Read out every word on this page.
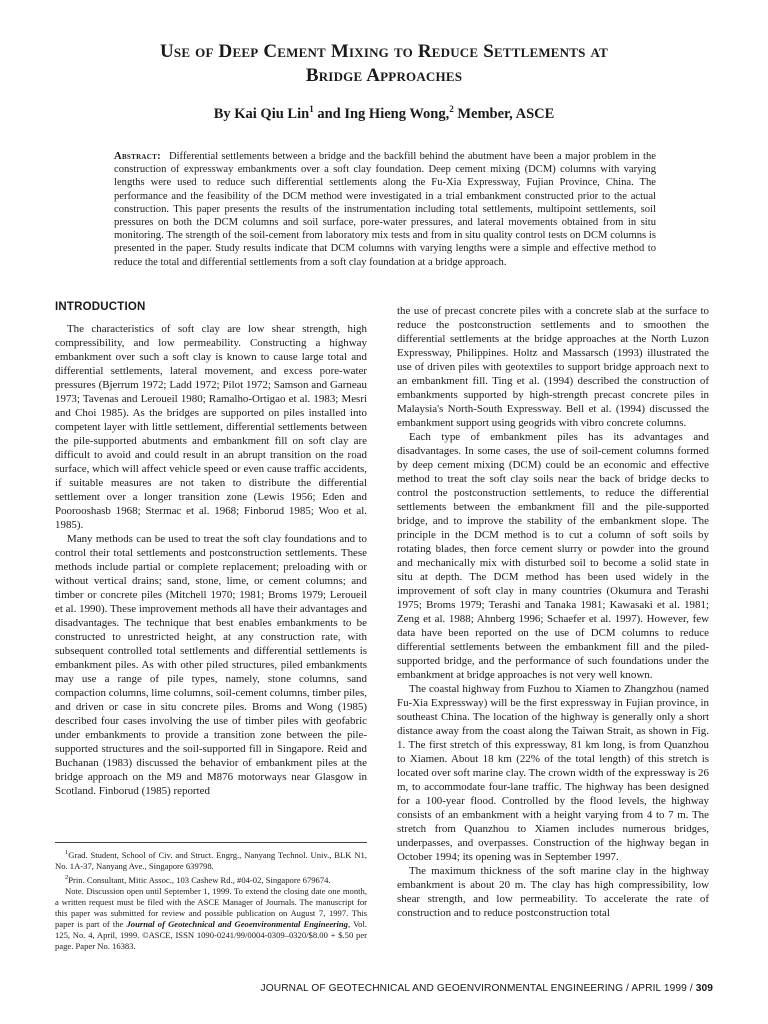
Use of Deep Cement Mixing to Reduce Settlements at
Bridge Approaches
By Kai Qiu Lin$^1$ and Ing Hieng Wong,$^2$ Member, ASCE
Abstract: Differential settlements between a bridge and the backfill behind the abutment have been a major problem in the construction of expressway embankments over a soft clay foundation. Deep cement mixing (DCM) columns with varying lengths were used to reduce such differential settlements along the Fu-Xia Expressway, Fujian Province, China. The performance and the feasibility of the DCM method were investigated in a trial embankment constructed prior to the actual construction. This paper presents the results of the instrumentation including total settlements, multipoint settlements, soil pressures on both the DCM columns and soil surface, pore-water pressures, and lateral movements obtained from in situ monitoring. The strength of the soil-cement from laboratory mix tests and from in situ quality control tests on DCM columns is presented in the paper. Study results indicate that DCM columns with varying lengths were a simple and effective method to reduce the total and differential settlements from a soft clay foundation at a bridge approach.
INTRODUCTION

The characteristics of soft clay are low shear strength, high compressibility, and low permeability. Constructing a highway embankment over such a soft clay is known to cause large total and differential settlements, lateral movement, and excess pore-water pressures (Bjerrum 1972; Ladd 1972; Pilot 1972; Samson and Garneau 1973; Tavenas and Leroueil 1980; Ramalho-Ortigao et al. 1983; Mesri and Choi 1985). As the bridges are supported on piles installed into competent layer with little settlement, differential settlements between the pile-supported abutments and embankment fill on soft clay are difficult to avoid and could result in an abrupt transition on the road surface, which will affect vehicle speed or even cause traffic accidents, if suitable measures are not taken to distribute the differential settlement over a longer transition zone (Lewis 1956; Eden and Poorooshasb 1968; Stermac et al. 1968; Finborud 1985; Woo et al. 1985).

Many methods can be used to treat the soft clay foundations and to control their total settlements and postconstruction settlements. These methods include partial or complete replacement; preloading with or without vertical drains; sand, stone, lime, or cement columns; and timber or concrete piles (Mitchell 1970; 1981; Broms 1979; Leroueil et al. 1990). These improvement methods all have their advantages and disadvantages. The technique that best enables embankments to be constructed to unrestricted height, at any construction rate, with subsequent controlled total settlements and differential settlements is embankment piles. As with other piled structures, piled embankments may use a range of pile types, namely, stone columns, sand compaction columns, lime columns, soil-cement columns, timber piles, and driven or case in situ concrete piles. Broms and Wong (1985) described four cases involving the use of timber piles with geofabric under embankments to provide a transition zone between the pile-supported structures and the soil-supported fill in Singapore. Reid and Buchanan (1983) discussed the behavior of embankment piles at the bridge approach on the M9 and M876 motorways near Glasgow in Scotland. Finborud (1985) reported

$^1$Grad. Student, School of Civ. and Struct. Engrg., Nanyang Technol. Univ., BLK N1, No. 1A-37, Nanyang Ave., Singapore 639798.

$^2$Prin. Consultant, Mitic Assoc., 103 Cashew Rd., #04-02, Singapore 679674.

Note. Discussion open until September 1, 1999. To extend the closing date one month, a written request must be filed with the ASCE Manager of Journals. The manuscript for this paper was submitted for review and possible publication on August 7, 1997. This paper is part of the Journal of Geotechnical and Geoenvironmental Engineering, Vol. 125, No. 4, April, 1999. ©ASCE, ISSN 1090-0241/99/0004-0309–0320/$8.00 + $.50 per page. Paper No. 16383.

the use of precast concrete piles with a concrete slab at the surface to reduce the postconstruction settlements and to smoothen the differential settlements at the bridge approaches at the North Luzon Expressway, Philippines. Holtz and Massarsch (1993) illustrated the use of driven piles with geotextiles to support bridge approach next to an embankment fill. Ting et al. (1994) described the construction of embankments supported by high-strength precast concrete piles in Malaysia's North-South Expressway. Bell et al. (1994) discussed the embankment support using geogrids with vibro concrete columns.

Each type of embankment piles has its advantages and disadvantages. In some cases, the use of soil-cement columns formed by deep cement mixing (DCM) could be an economic and effective method to treat the soft clay soils near the back of bridge decks to control the postconstruction settlements, to reduce the differential settlements between the embankment fill and the pile-supported bridge, and to improve the stability of the embankment slope. The principle in the DCM method is to cut a column of soft soils by rotating blades, then force cement slurry or powder into the ground and mechanically mix with disturbed soil to become a solid state in situ at depth. The DCM method has been used widely in the improvement of soft clay in many countries (Okumura and Terashi 1975; Broms 1979; Terashi and Tanaka 1981; Kawasaki et al. 1981; Zeng et al. 1988; Ahnberg 1996; Schaefer et al. 1997). However, few data have been reported on the use of DCM columns to reduce differential settlements between the embankment fill and the piled-supported bridge, and the performance of such foundations under the embankment at bridge approaches is not very well known.

The coastal highway from Fuzhou to Xiamen to Zhangzhou (named Fu-Xia Expressway) will be the first expressway in Fujian province, in southeast China. The location of the highway is generally only a short distance away from the coast along the Taiwan Strait, as shown in Fig. 1. The first stretch of this expressway, 81 km long, is from Quanzhou to Xiamen. About 18 km (22% of the total length) of this stretch is located over soft marine clay. The crown width of the expressway is 26 m, to accommodate four-lane traffic. The highway has been designed for a 100-year flood. Controlled by the flood levels, the highway consists of an embankment with a height varying from 4 to 7 m. The stretch from Quanzhou to Xiamen includes numerous bridges, underpasses, and overpasses. Construction of the highway began in October 1994; its opening was in September 1997.

The maximum thickness of the soft marine clay in the highway embankment is about 20 m. The clay has high compressibility, low shear strength, and low permeability. To accelerate the rate of construction and to reduce postconstruction total

JOURNAL OF GEOTECHNICAL AND GEOENVIRONMENTAL ENGINEERING / APRIL 1999 / 309
